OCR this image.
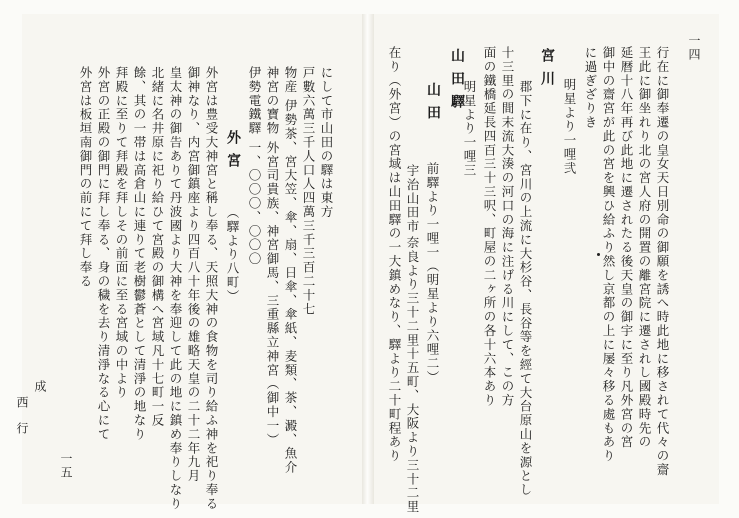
一四
行在に御奉遷の皇女天日別命の御願を誘へ時此地に移されて代々の齋
王此に御坐れり北の宮人府の開置の離宮院に遷されし國殿時先の
延暦十八年再び此地に遷されたる後天皇の御宇に至り凡外宮の宮
御中の齋宮が此の宮を興ひ給ふり然し京都の上に屡々移る處もあり
に過ぎざりき
明星より一哩弐
宮川
郡下に在り、宮川の上流に大杉谷、長谷等を經て大台原山を源とし
十三里の間末流大湊の河口の海に注げる川にして、この方
面の鐵橋延長四百三十三呎、町屋の二ヶ所の各十六本あり
明星より一哩三
山田驛
山田
前驛より一哩一（明星より六哩二）
宇治山田市
奈良より三十二里十五町、大阪より三十二里
在り（外宮）の宮域は山田驛の一大鎮めなり、驛より二十町程あり
にして市山田の驛は東方
戸數六萬三千人口人四萬三千三百二十七
物産 伊勢茶、宮大笠、傘、扇、日傘、傘紙、麦類、茶、澱、魚介
神宮の寶物 外宮司貴族、神宮御馬、三重縣立神宮（御中一）
伊勢電鐵驛 一、〇〇〇、〇〇〇
外宮
（驛より八町）
外宮は豊受大神宮と稱し奉る、天照大神の食物を司り給ふ神を祀り奉る
御神なり、内宮御鎮座より四百八十年後の雄略天皇の二十二年九月
皇太神の御告ありて丹波國より大神を奉迎して此の地に鎮め奉りしなり
北緒に名井原に祀り給ひて宮殿の御構へ宮域凡十七町一反
餘、其の一帯は高倉山に連りて老樹鬱蒼として清淨の地なり
拜殿に至りて拜殿を拜しその前面に至る宮域の中より
外宮の正殿の御門に拜し奉る、身の穢を去り清淨なる心にて
外宮は板垣南御門の前にて拜し奉る
成
西行
一五
